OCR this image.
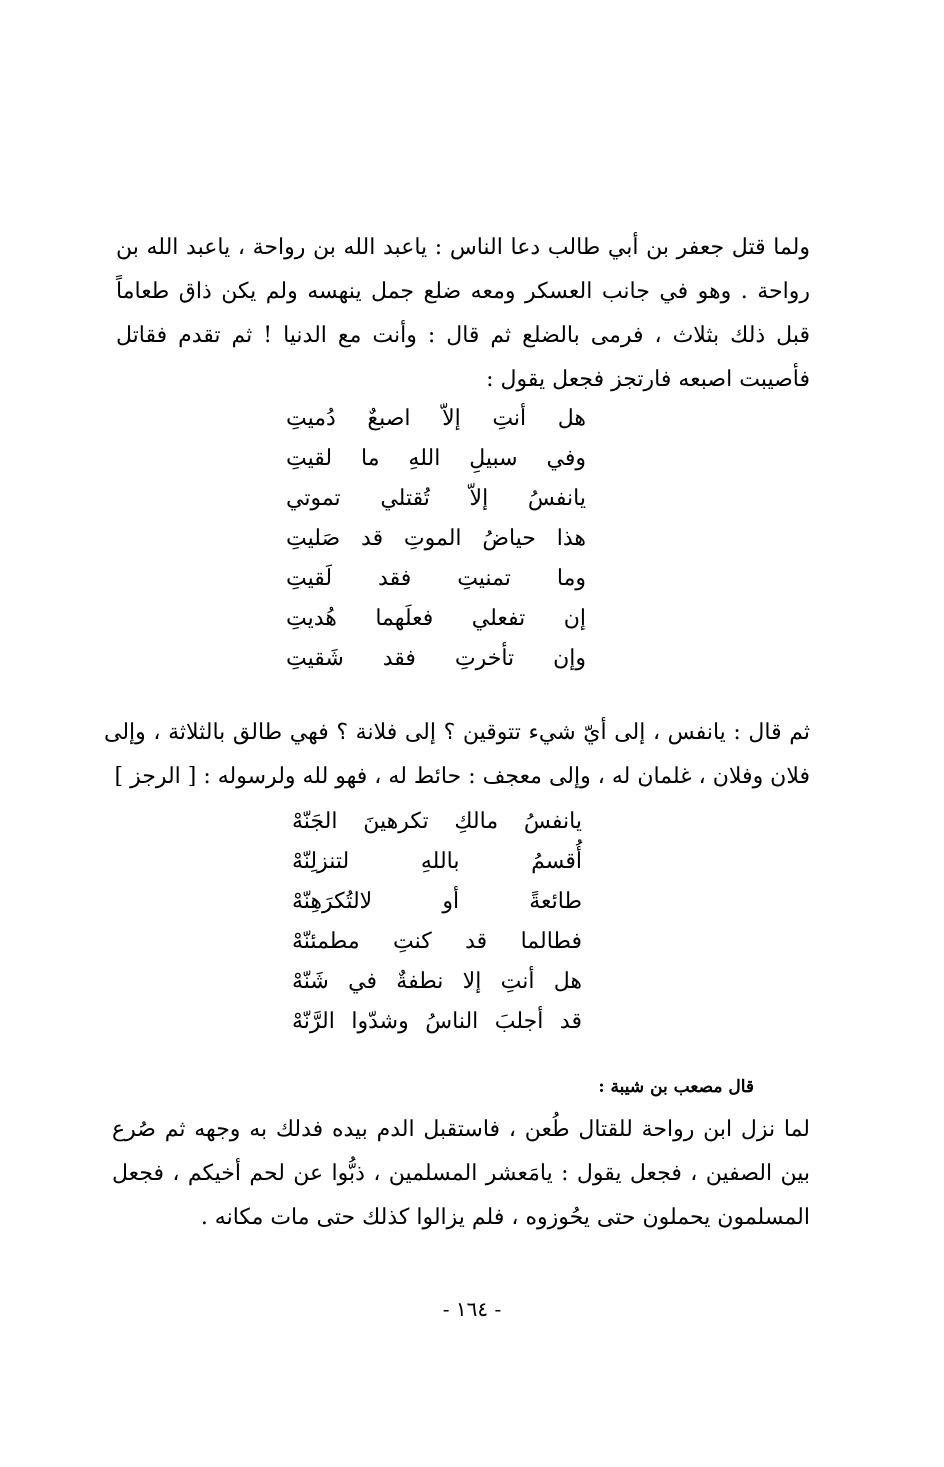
ولما قتل جعفر بن أبي طالب دعا الناس : ياعبد الله بن رواحة ، ياعبد الله بن رواحة . وهو في جانب العسكر ومعه ضلع جمل ينهسه ولم يكن ذاق طعاماً قبل ذلك بثلاث ، فرمى بالضلع ثم قال : وأنت مع الدنيا ! ثم تقدم فقاتل فأصيبت اصبعه فارتجز فجعل يقول :

هل أنتِ إلاّ اصبعٌ دُميتِ
وفي سبيلِ اللهِ ما لقيتِ
يانفسُ إلاّ تُقتلي تموتي
هذا حياضُ الموتِ قد صَليتِ
وما تمنيتِ فقد لَقيتِ
إن تفعلي فعلَهما هُديتِ
وإن تأخرتِ فقد شَقيتِ

ثم قال : يانفس ، إلى أيّ شيء تتوقين ؟ إلى فلانة ؟ فهي طالق بالثلاثة ، وإلى فلان وفلان ، غلمان له ، وإلى معجف : حائط له ، فهو لله ولرسوله : [ الرجز ]

يانفسُ مالكِ تكرهينَ الجَنّهْ
أُقسمُ باللهِ لتنزلِنّهْ
طائعةً أو لالتُكرَهِنّهْ
فطالما قد كنتِ مطمئنّهْ
هل أنتِ إلا نطفةٌ في شَنّهْ
قد أجلبَ الناسُ وشدّوا الرَّنّهْ
قال مصعب بن شيبة :

لما نزل ابن رواحة للقتال طُعن ، فاستقبل الدم بيده فدلك به وجهه ثم صُرع بين الصفين ، فجعل يقول : يامَعشر المسلمين ، ذبُّوا عن لحم أخيكم ، فجعل المسلمون يحملون حتى يحُوزوه ، فلم يزالوا كذلك حتى مات مكانه .

- ١٦٤ -
